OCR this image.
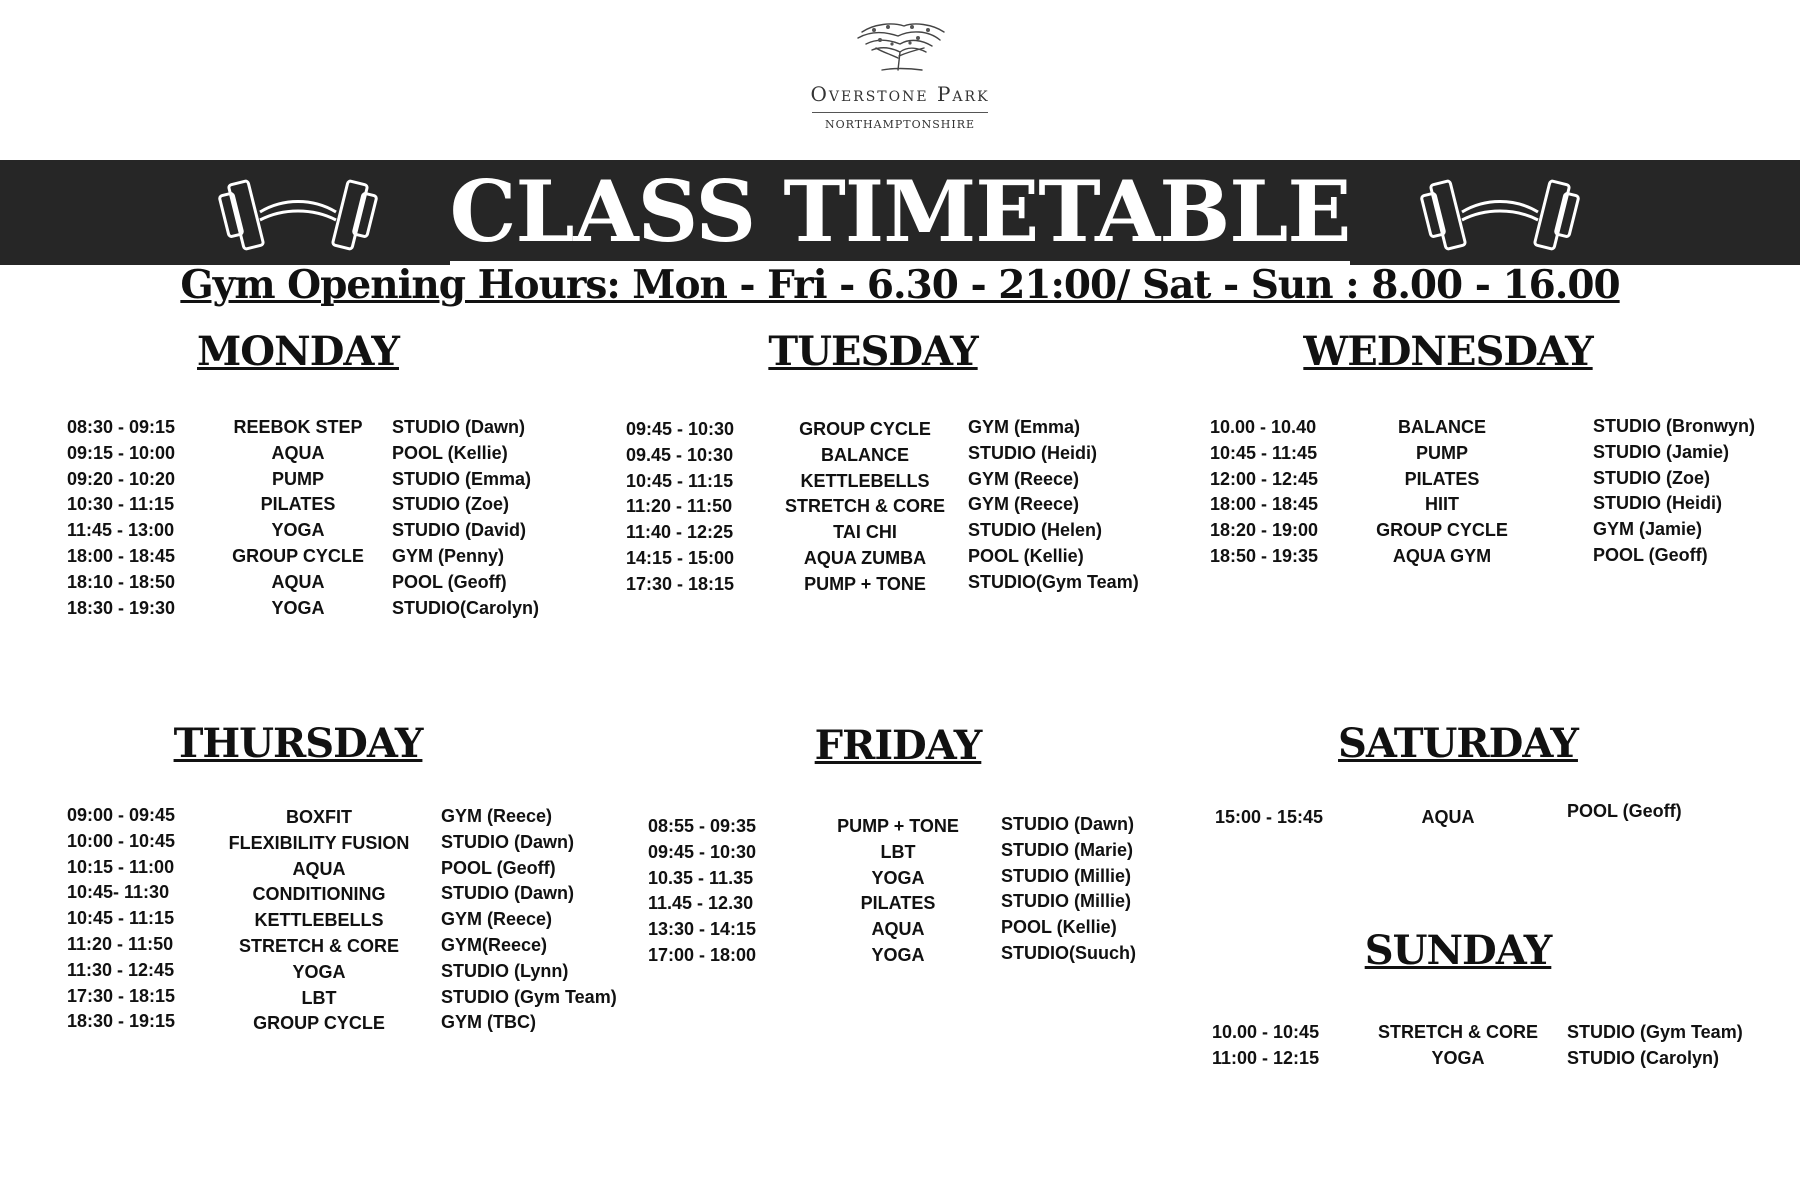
Overstone Park
NORTHAMPTONSHIRE
CLASS TIMETABLE
Gym Opening Hours: Mon - Fri - 6.30 - 21:00/ Sat - Sun : 8.00 - 16.00
MONDAY
08:30 - 09:15	REEBOK STEP	STUDIO (Dawn)
09:15 - 10:00	AQUA	POOL (Kellie)
09:20 - 10:20	PUMP	STUDIO (Emma)
10:30 - 11:15	PILATES	STUDIO (Zoe)
11:45 - 13:00	YOGA	STUDIO (David)
18:00 - 18:45	GROUP CYCLE	GYM (Penny)
18:10 - 18:50	AQUA	POOL (Geoff)
18:30 - 19:30	YOGA	STUDIO(Carolyn)
TUESDAY
09:45 - 10:30	GROUP CYCLE	GYM (Emma)
09.45 - 10:30	BALANCE	STUDIO (Heidi)
10:45 - 11:15	KETTLEBELLS	GYM (Reece)
11:20 - 11:50	STRETCH & CORE	GYM (Reece)
11:40 - 12:25	TAI CHI	STUDIO (Helen)
14:15 - 15:00	AQUA ZUMBA	POOL (Kellie)
17:30 - 18:15	PUMP + TONE	STUDIO(Gym Team)
WEDNESDAY
10.00 - 10.40	BALANCE	STUDIO (Bronwyn)
10:45 - 11:45	PUMP	STUDIO (Jamie)
12:00 - 12:45	PILATES	STUDIO (Zoe)
18:00 - 18:45	HIIT	STUDIO (Heidi)
18:20 - 19:00	GROUP CYCLE	GYM (Jamie)
18:50 - 19:35	AQUA GYM	POOL (Geoff)
THURSDAY
09:00 - 09:45	BOXFIT	GYM (Reece)
10:00 - 10:45	FLEXIBILITY FUSION	STUDIO (Dawn)
10:15 - 11:00	AQUA	POOL (Geoff)
10:45- 11:30	CONDITIONING	STUDIO (Dawn)
10:45 - 11:15	KETTLEBELLS	GYM (Reece)
11:20 - 11:50	STRETCH & CORE	GYM(Reece)
11:30 - 12:45	YOGA	STUDIO (Lynn)
17:30 - 18:15	LBT	STUDIO (Gym Team)
18:30 - 19:15	GROUP CYCLE	GYM (TBC)
FRIDAY
08:55 - 09:35	PUMP + TONE	STUDIO (Dawn)
09:45 - 10:30	LBT	STUDIO (Marie)
10.35 - 11.35	YOGA	STUDIO (Millie)
11.45 - 12.30	PILATES	STUDIO (Millie)
13:30 - 14:15	AQUA	POOL (Kellie)
17:00 - 18:00	YOGA	STUDIO(Suuch)
SATURDAY
15:00 - 15:45	AQUA	POOL (Geoff)
SUNDAY
10.00 - 10:45	STRETCH & CORE	STUDIO (Gym Team)
11:00 - 12:15	YOGA	STUDIO (Carolyn)
